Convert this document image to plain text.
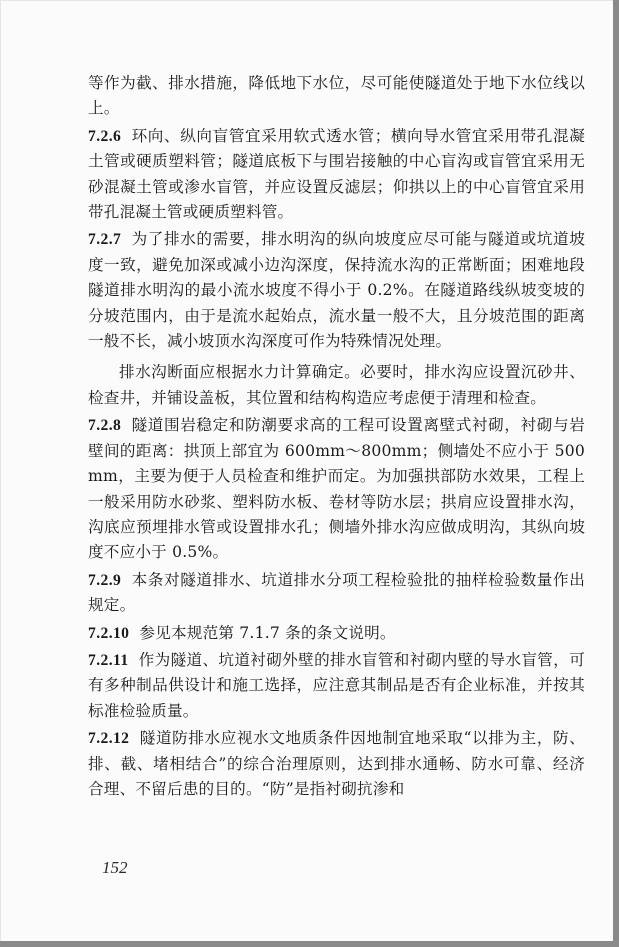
等作为截、排水措施，降低地下水位，尽可能使隧道处于地下水位线以上。

7.2.6 环向、纵向盲管宜采用软式透水管；横向导水管宜采用带孔混凝土管或硬质塑料管；隧道底板下与围岩接触的中心盲沟或盲管宜采用无砂混凝土管或渗水盲管，并应设置反滤层；仰拱以上的中心盲管宜采用带孔混凝土管或硬质塑料管。

7.2.7 为了排水的需要，排水明沟的纵向坡度应尽可能与隧道或坑道坡度一致，避免加深或减小边沟深度，保持流水沟的正常断面；困难地段隧道排水明沟的最小流水坡度不得小于 0.2%。在隧道路线纵坡变坡的分坡范围内，由于是流水起始点，流水量一般不大，且分坡范围的距离一般不长，减小坡顶水沟深度可作为特殊情况处理。

排水沟断面应根据水力计算确定。必要时，排水沟应设置沉砂井、检查井，并铺设盖板，其位置和结构构造应考虑便于清理和检查。

7.2.8 隧道围岩稳定和防潮要求高的工程可设置离壁式衬砌，衬砌与岩壁间的距离：拱顶上部宜为 600mm～800mm；侧墙处不应小于 500mm，主要为便于人员检查和维护而定。为加强拱部防水效果，工程上一般采用防水砂浆、塑料防水板、卷材等防水层；拱肩应设置排水沟，沟底应预埋排水管或设置排水孔；侧墙外排水沟应做成明沟，其纵向坡度不应小于 0.5%。

7.2.9 本条对隧道排水、坑道排水分项工程检验批的抽样检验数量作出规定。

7.2.10 参见本规范第 7.1.7 条的条文说明。

7.2.11 作为隧道、坑道衬砌外壁的排水盲管和衬砌内壁的导水盲管，可有多种制品供设计和施工选择，应注意其制品是否有企业标准，并按其标准检验质量。

7.2.12 隧道防排水应视水文地质条件因地制宜地采取“以排为主，防、排、截、堵相结合”的综合治理原则，达到排水通畅、防水可靠、经济合理、不留后患的目的。“防”是指衬砌抗渗和

152
